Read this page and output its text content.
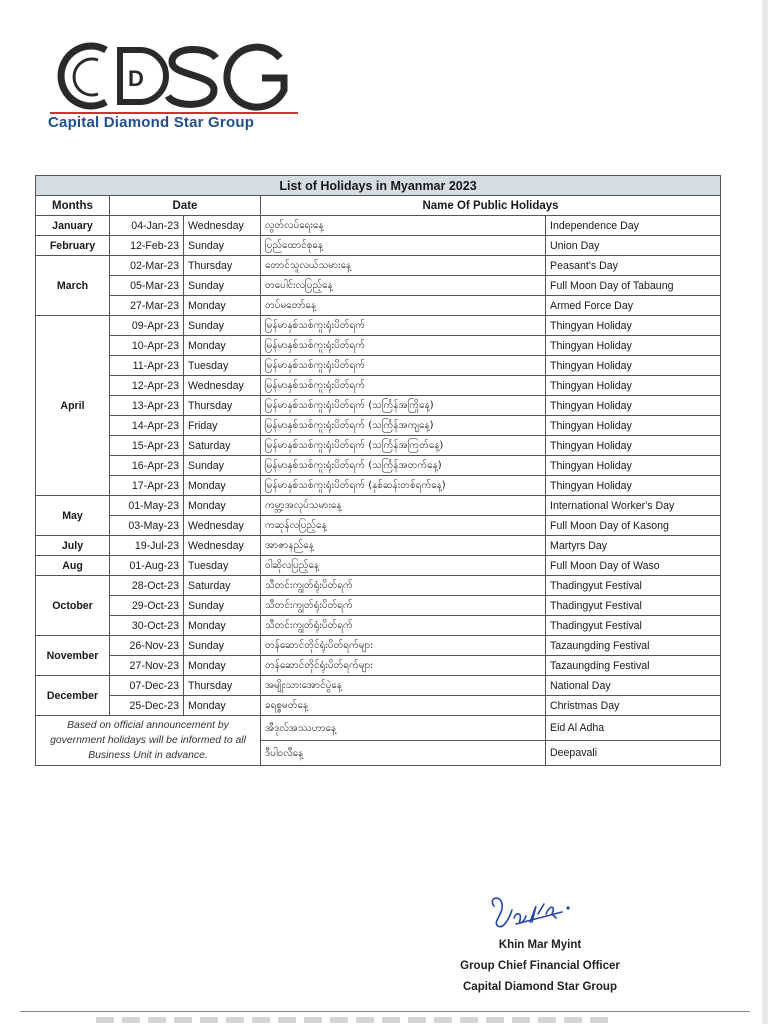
D
Capital Diamond Star Group
List of Holidays in Myanmar 2023				
Months	Date		Name Of Public Holidays	
January	04-Jan-23	Wednesday	လွတ်လပ်ရေးနေ့	Independence Day
February	12-Feb-23	Sunday	ပြည်ထောင်စုနေ့	Union Day
March	02-Mar-23	Thursday	တောင်သူလယ်သမားနေ့	Peasant's Day
	05-Mar-23	Sunday	တပေါင်းလပြည့်နေ့	Full Moon Day of Tabaung
	27-Mar-23	Monday	တပ်မတော်နေ့	Armed Force Day
April	09-Apr-23	Sunday	မြန်မာနှစ်သစ်ကူးရုံးပိတ်ရက်	Thingyan Holiday
	10-Apr-23	Monday	မြန်မာနှစ်သစ်ကူးရုံးပိတ်ရက်	Thingyan Holiday
	11-Apr-23	Tuesday	မြန်မာနှစ်သစ်ကူးရုံးပိတ်ရက်	Thingyan Holiday
	12-Apr-23	Wednesday	မြန်မာနှစ်သစ်ကူးရုံးပိတ်ရက်	Thingyan Holiday
	13-Apr-23	Thursday	မြန်မာနှစ်သစ်ကူးရုံးပိတ်ရက် (သင်္ကြန်အကြိုနေ့)	Thingyan Holiday
	14-Apr-23	Friday	မြန်မာနှစ်သစ်ကူးရုံးပိတ်ရက် (သင်္ကြန်အကျနေ့)	Thingyan Holiday
	15-Apr-23	Saturday	မြန်မာနှစ်သစ်ကူးရုံးပိတ်ရက် (သင်္ကြန်အကြတ်နေ့)	Thingyan Holiday
	16-Apr-23	Sunday	မြန်မာနှစ်သစ်ကူးရုံးပိတ်ရက် (သင်္ကြန်အတက်နေ့)	Thingyan Holiday
	17-Apr-23	Monday	မြန်မာနှစ်သစ်ကူးရုံးပိတ်ရက် (နှစ်ဆန်းတစ်ရက်နေ့)	Thingyan Holiday
May	01-May-23	Monday	ကမ္ဘာ့အလုပ်သမားနေ့	International Worker's Day
	03-May-23	Wednesday	ကဆုန်လပြည့်နေ့	Full Moon Day of Kasong
July	19-Jul-23	Wednesday	အာဇာနည်နေ့	Martyrs Day
Aug	01-Aug-23	Tuesday	ဝါဆိုလပြည့်နေ့	Full Moon Day of Waso
October	28-Oct-23	Saturday	သီတင်းကျွတ်ရုံးပိတ်ရက်	Thadingyut Festival
	29-Oct-23	Sunday	သီတင်းကျွတ်ရုံးပိတ်ရက်	Thadingyut Festival
	30-Oct-23	Monday	သီတင်းကျွတ်ရုံးပိတ်ရက်	Thadingyut Festival
November	26-Nov-23	Sunday	တန်ဆောင်တိုင်ရုံးပိတ်ရက်များ	Tazaungding Festival
	27-Nov-23	Monday	တန်ဆောင်တိုင်ရုံးပိတ်ရက်များ	Tazaungding Festival
December	07-Dec-23	Thursday	အမျိုးသားအောင်ပွဲနေ့	National Day
	25-Dec-23	Monday	ခရစ္စမတ်နေ့	Christmas Day
Based on official announcement by government holidays will be informed to all Business Unit in advance.			အီဒုလ်အဿဟာနေ့	Eid Al Adha
			ဒီပါဝလီနေ့	Deepavali
Khin Mar Myint
Group Chief Financial Officer
Capital Diamond Star Group
